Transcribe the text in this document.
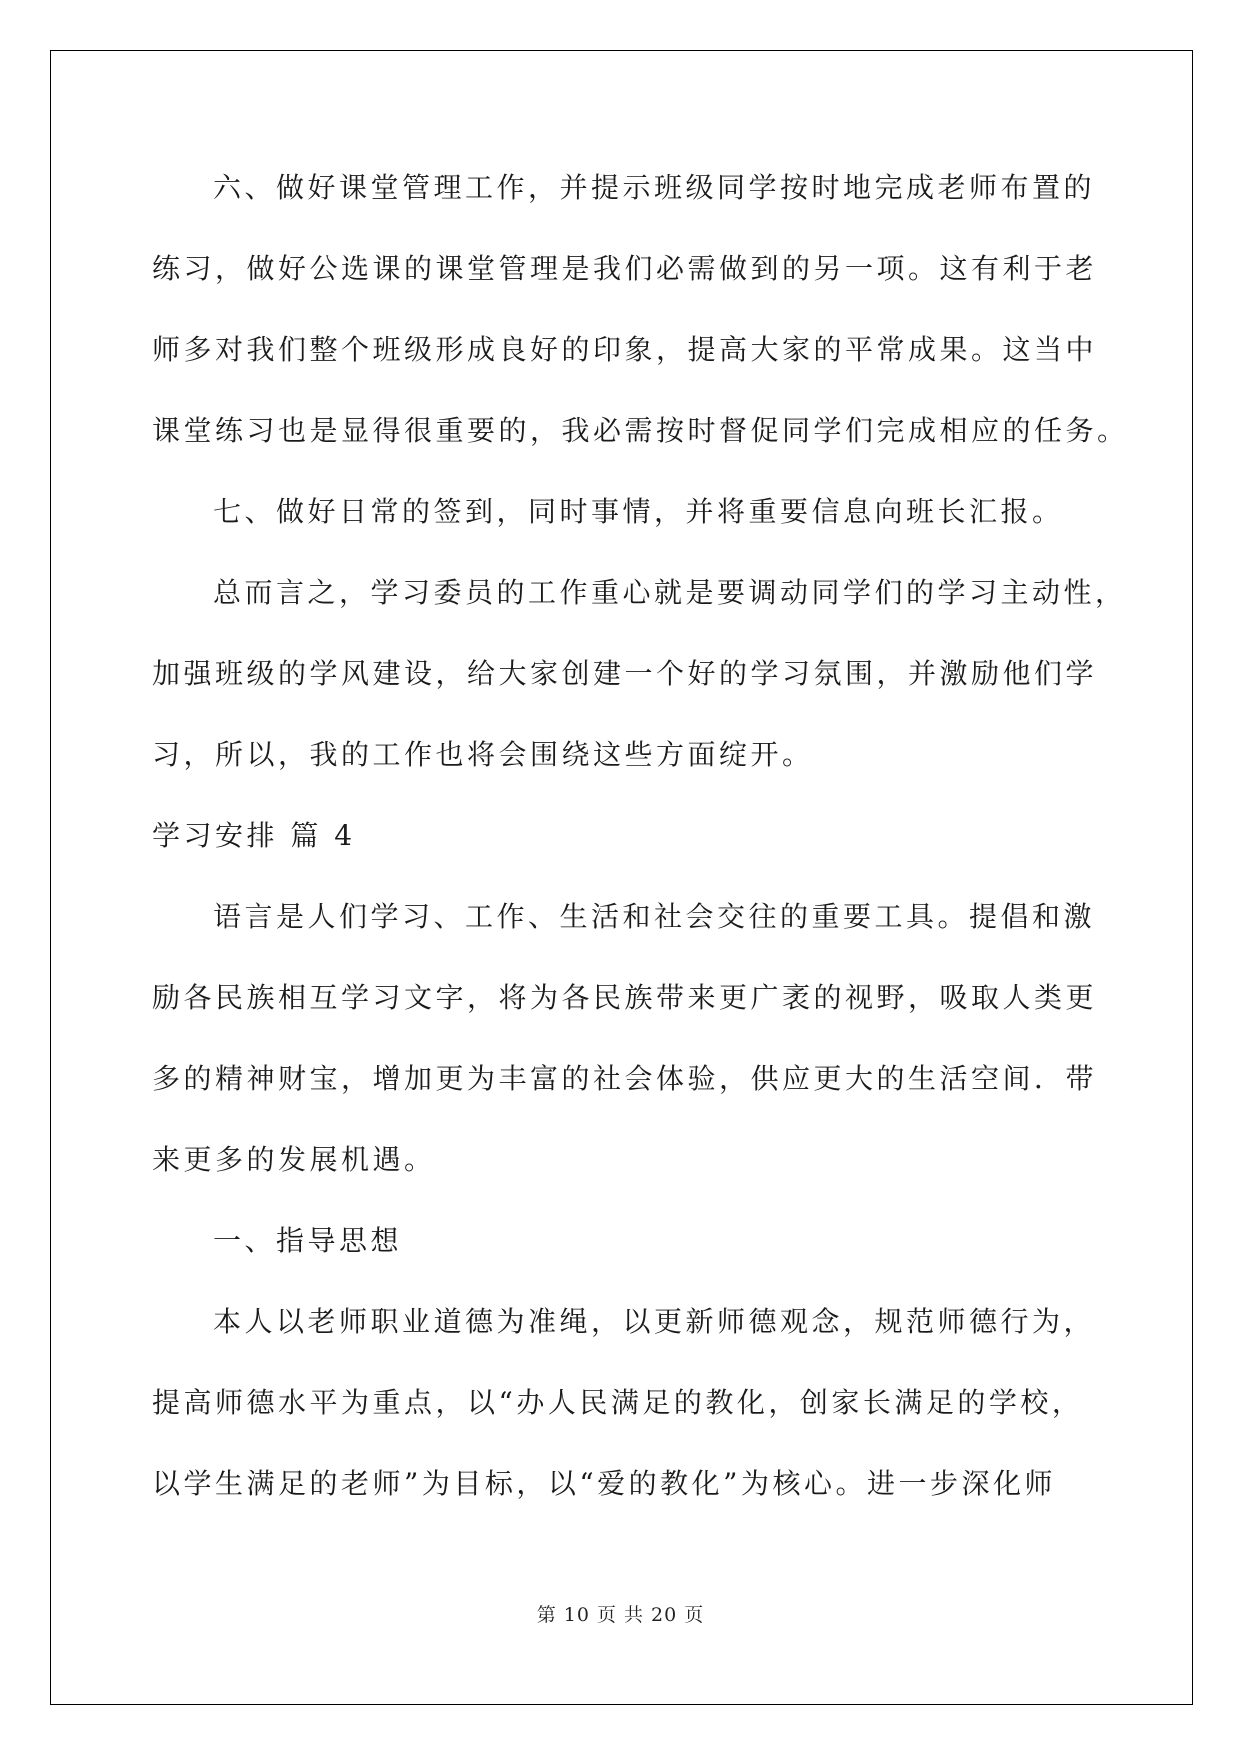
六、做好课堂管理工作，并提示班级同学按时地完成老师布置的
练习，做好公选课的课堂管理是我们必需做到的另一项。这有利于老
师多对我们整个班级形成良好的印象，提高大家的平常成果。这当中
课堂练习也是显得很重要的，我必需按时督促同学们完成相应的任务。
七、做好日常的签到，同时事情，并将重要信息向班长汇报。
总而言之，学习委员的工作重心就是要调动同学们的学习主动性，
加强班级的学风建设，给大家创建一个好的学习氛围，并激励他们学
习，所以，我的工作也将会围绕这些方面绽开。
学习安排 篇 4
语言是人们学习、工作、生活和社会交往的重要工具。提倡和激
励各民族相互学习文字，将为各民族带来更广袤的视野，吸取人类更
多的精神财宝，增加更为丰富的社会体验，供应更大的生活空间．带
来更多的发展机遇。
一、指导思想
本人以老师职业道德为准绳，以更新师德观念，规范师德行为，
提高师德水平为重点，以“办人民满足的教化，创家长满足的学校，
以学生满足的老师”为目标，以“爱的教化”为核心。进一步深化师
第 10 页 共 20 页
